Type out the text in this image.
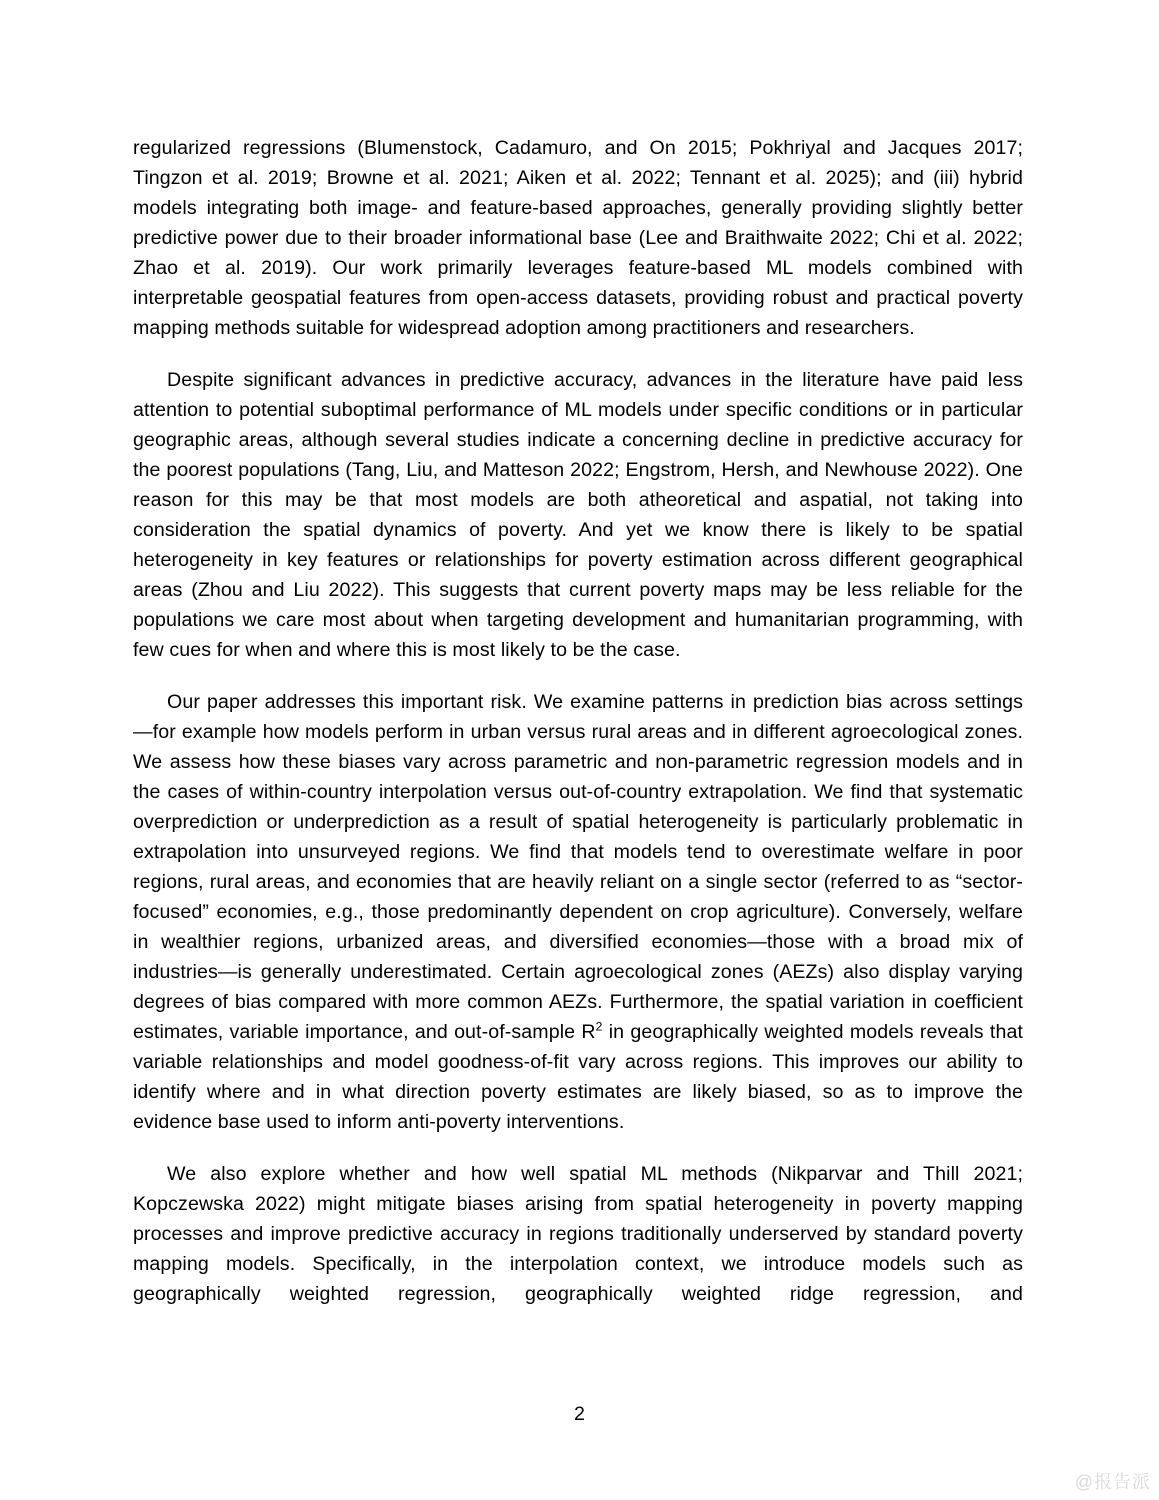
regularized regressions (Blumenstock, Cadamuro, and On 2015; Pokhriyal and Jacques 2017; Tingzon et al. 2019; Browne et al. 2021; Aiken et al. 2022; Tennant et al. 2025); and (iii) hybrid models integrating both image- and feature-based approaches, generally providing slightly better predictive power due to their broader informational base (Lee and Braithwaite 2022; Chi et al. 2022; Zhao et al. 2019). Our work primarily leverages feature-based ML models combined with interpretable geospatial features from open-access datasets, providing robust and practical poverty mapping methods suitable for widespread adoption among practitioners and researchers.

Despite significant advances in predictive accuracy, advances in the literature have paid less attention to potential suboptimal performance of ML models under specific conditions or in particular geographic areas, although several studies indicate a concerning decline in predictive accuracy for the poorest populations (Tang, Liu, and Matteson 2022; Engstrom, Hersh, and Newhouse 2022). One reason for this may be that most models are both atheoretical and aspatial, not taking into consideration the spatial dynamics of poverty. And yet we know there is likely to be spatial heterogeneity in key features or relationships for poverty estimation across different geographical areas (Zhou and Liu 2022). This suggests that current poverty maps may be less reliable for the populations we care most about when targeting development and humanitarian programming, with few cues for when and where this is most likely to be the case.

Our paper addresses this important risk. We examine patterns in prediction bias across settings—for example how models perform in urban versus rural areas and in different agroecological zones. We assess how these biases vary across parametric and non-parametric regression models and in the cases of within-country interpolation versus out-of-country extrapolation. We find that systematic overprediction or underprediction as a result of spatial heterogeneity is particularly problematic in extrapolation into unsurveyed regions. We find that models tend to overestimate welfare in poor regions, rural areas, and economies that are heavily reliant on a single sector (referred to as “sector-focused” economies, e.g., those predominantly dependent on crop agriculture). Conversely, welfare in wealthier regions, urbanized areas, and diversified economies—those with a broad mix of industries—is generally underestimated. Certain agroecological zones (AEZs) also display varying degrees of bias compared with more common AEZs. Furthermore, the spatial variation in coefficient estimates, variable importance, and out-of-sample $R^2$ in geographically weighted models reveals that variable relationships and model goodness-of-fit vary across regions. This improves our ability to identify where and in what direction poverty estimates are likely biased, so as to improve the evidence base used to inform anti-poverty interventions.

We also explore whether and how well spatial ML methods (Nikparvar and Thill 2021; Kopczewska 2022) might mitigate biases arising from spatial heterogeneity in poverty mapping processes and improve predictive accuracy in regions traditionally underserved by standard poverty mapping models. Specifically, in the interpolation context, we introduce models such as geographically weighted regression, geographically weighted ridge regression, and

2
@报告派
